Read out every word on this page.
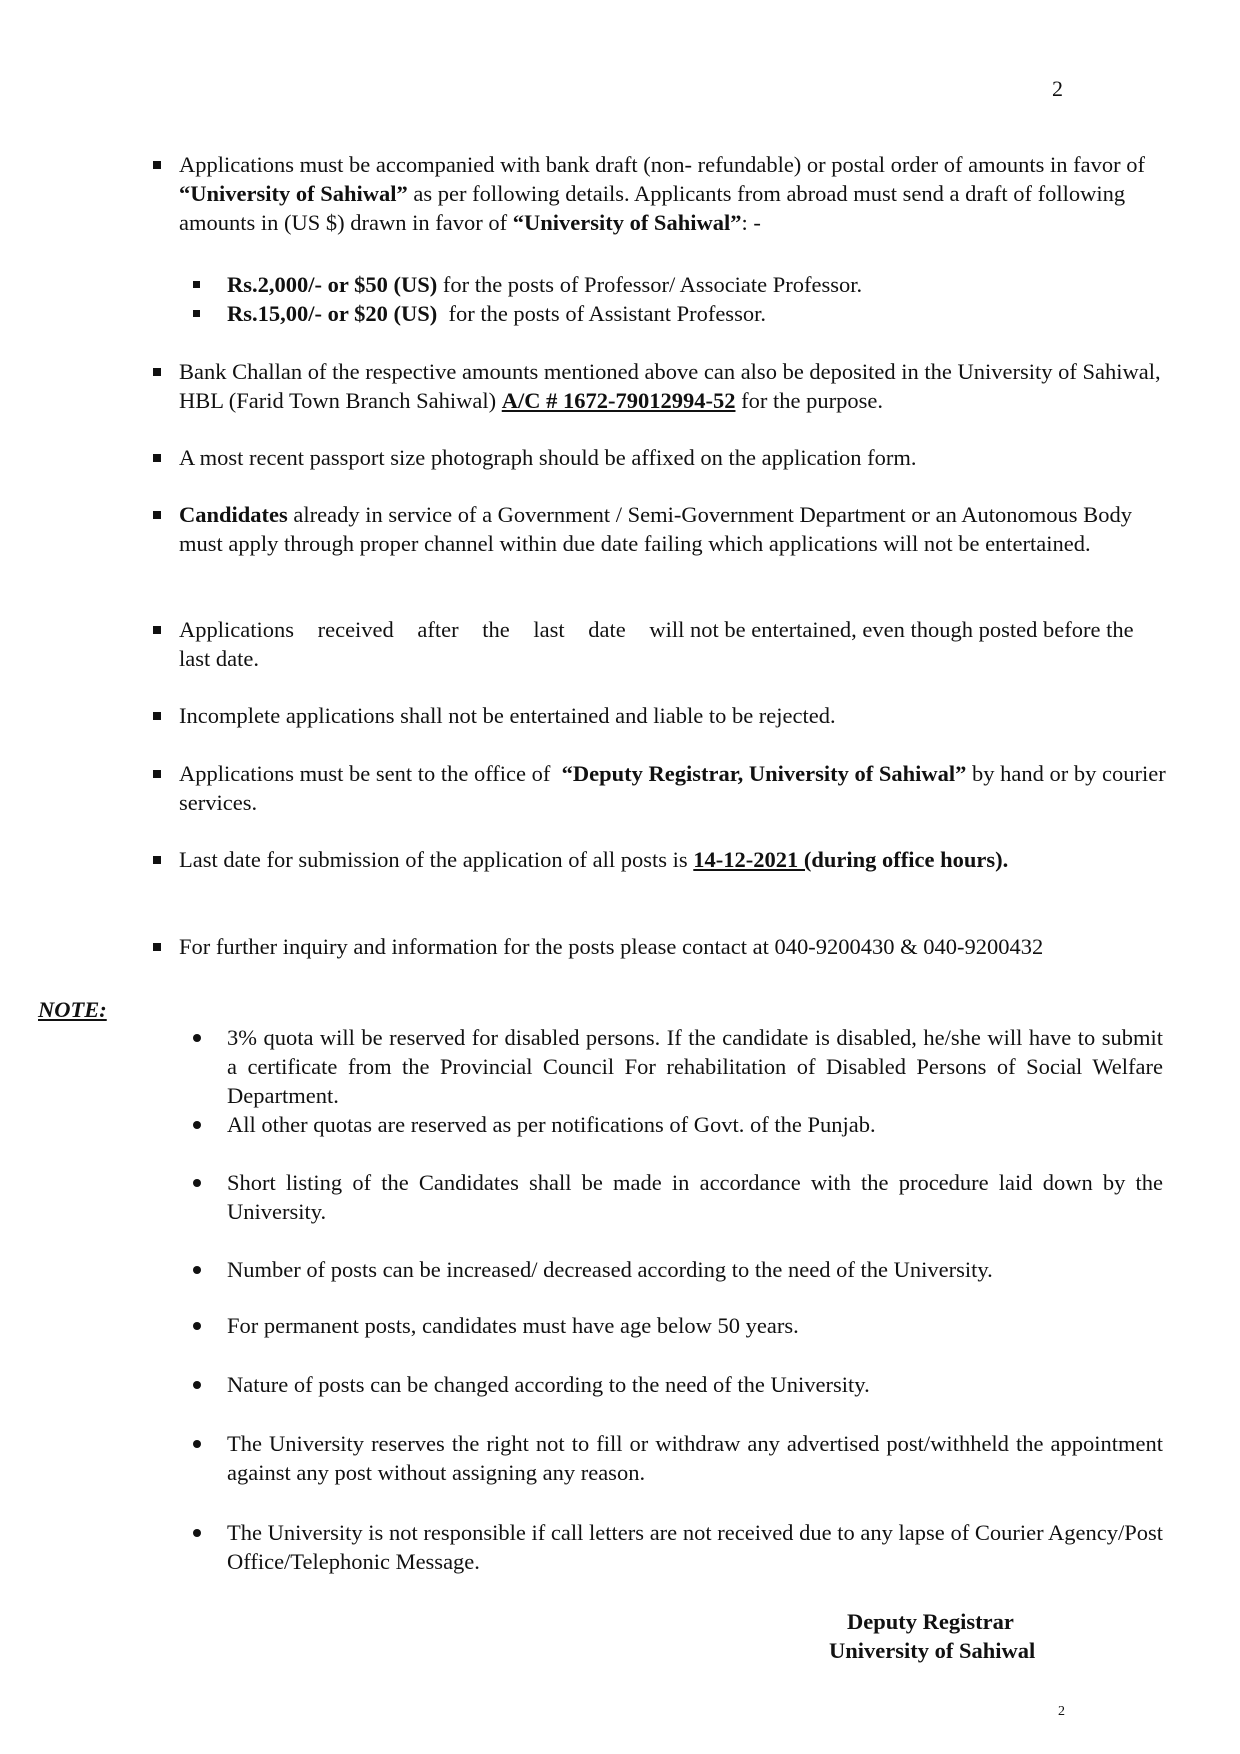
2
Applications must be accompanied with bank draft (non- refundable) or postal order of amounts in favor of “University of Sahiwal” as per following details. Applicants from abroad must send a draft of following amounts in (US $) drawn in favor of “University of Sahiwal”: -
Rs.2,000/- or $50 (US) for the posts of Professor/ Associate Professor.
Rs.15,00/- or $20 (US)  for the posts of Assistant Professor.
Bank Challan of the respective amounts mentioned above can also be deposited in the University of Sahiwal, HBL (Farid Town Branch Sahiwal) A/C # 1672-79012994-52 for the purpose.
A most recent passport size photograph should be affixed on the application form.
Candidates already in service of a Government / Semi-Government Department or an Autonomous Body must apply through proper channel within due date failing which applications will not be entertained.
Applications received after the last date will not be entertained, even though posted before the last date.
Incomplete applications shall not be entertained and liable to be rejected.
Applications must be sent to the office of  “Deputy Registrar, University of Sahiwal” by hand or by courier services.
Last date for submission of the application of all posts is 14-12-2021 (during office hours).
For further inquiry and information for the posts please contact at 040-9200430 & 040-9200432
NOTE:
3% quota will be reserved for disabled persons. If the candidate is disabled, he/she will have to submit a certificate from the Provincial Council For rehabilitation of Disabled Persons of Social Welfare Department.
All other quotas are reserved as per notifications of Govt. of the Punjab.
Short listing of the Candidates shall be made in accordance with the procedure laid down by the University.
Number of posts can be increased/ decreased according to the need of the University.
For permanent posts, candidates must have age below 50 years.
Nature of posts can be changed according to the need of the University.
The University reserves the right not to fill or withdraw any advertised post/withheld the appointment against any post without assigning any reason.
The University is not responsible if call letters are not received due to any lapse of Courier Agency/Post Office/Telephonic Message.
Deputy Registrar
University of Sahiwal
2
